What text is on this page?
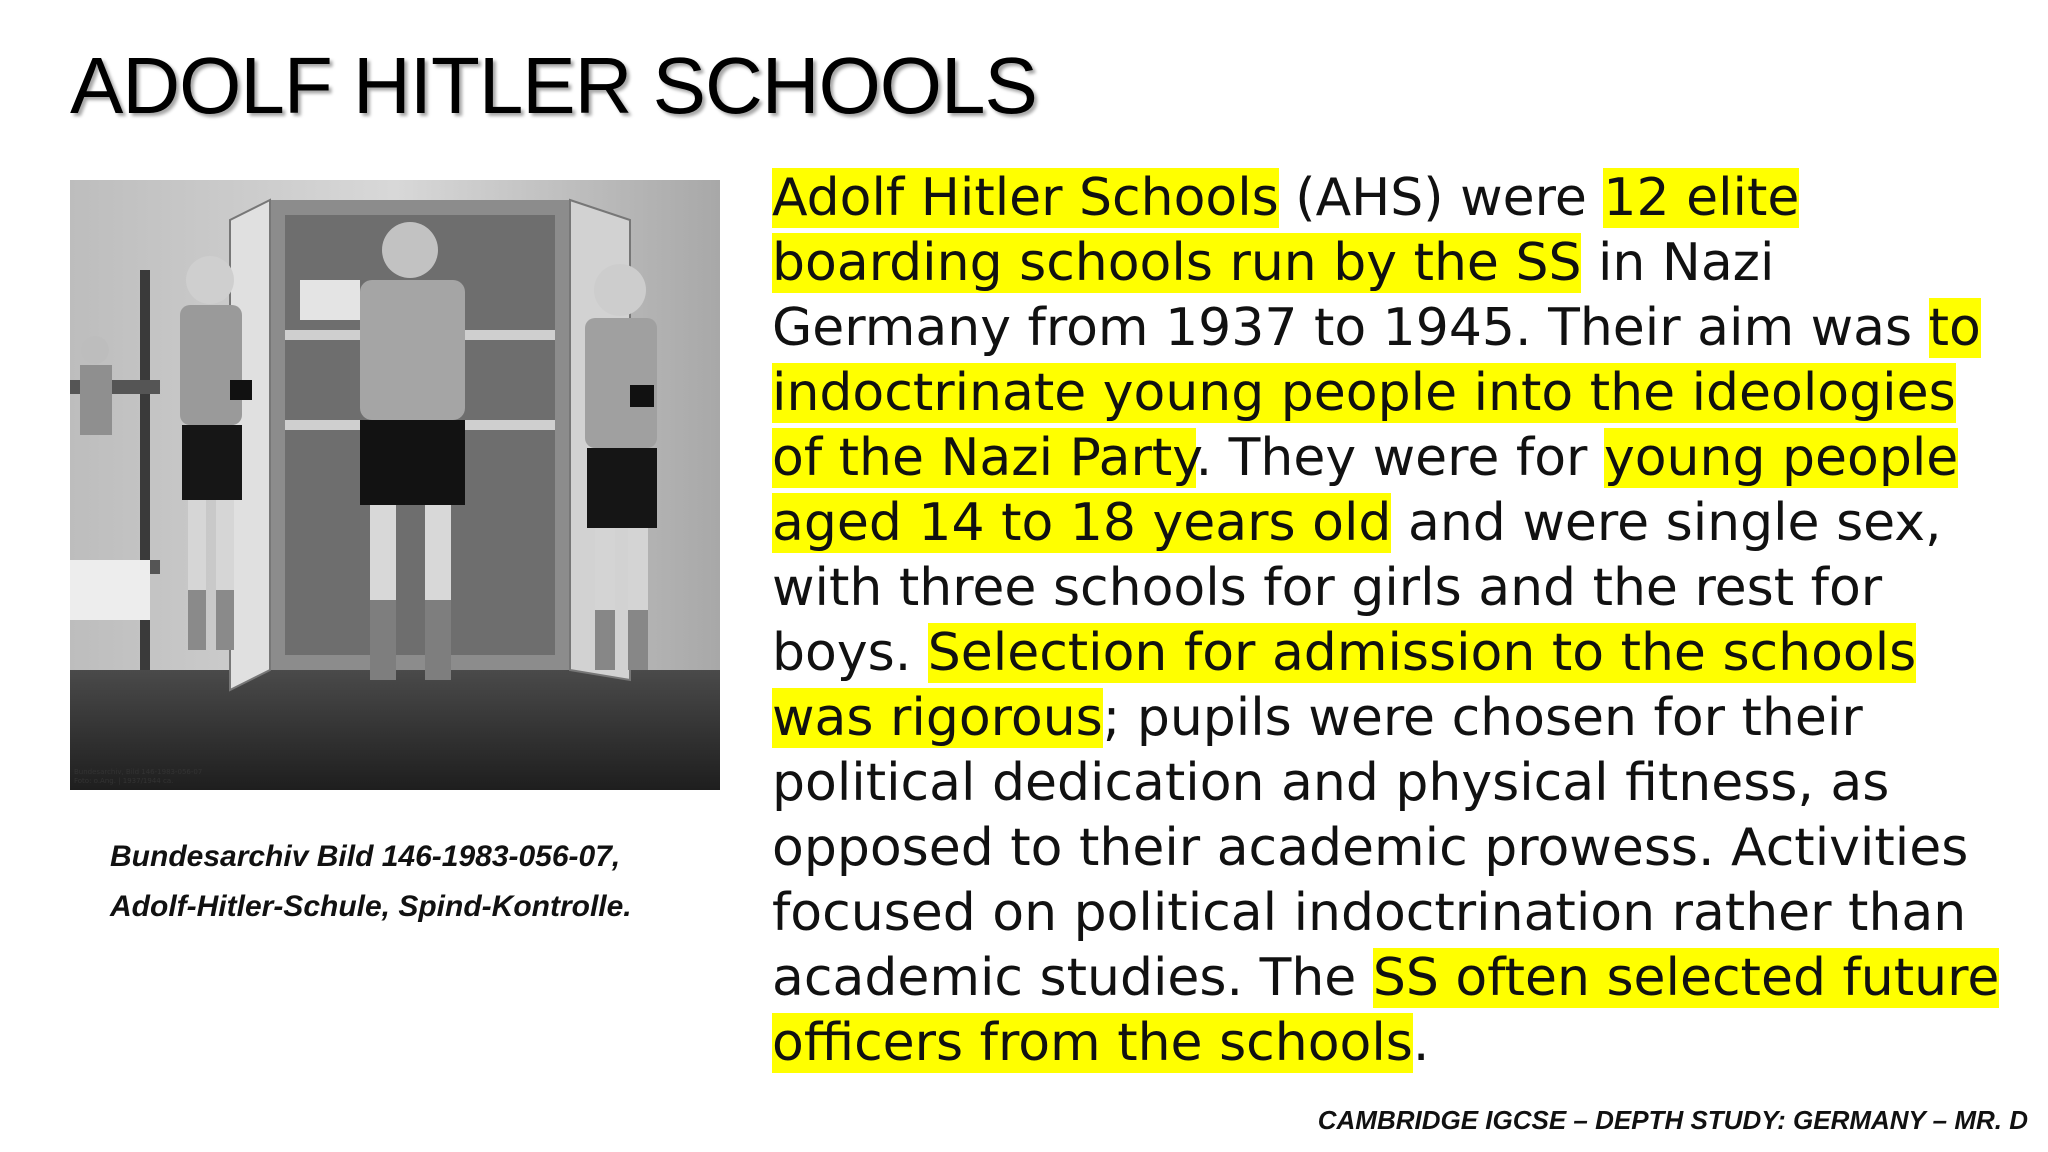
ADOLF HITLER SCHOOLS
Bundesarchiv, Bild 146-1983-056-07
Foto: o.Ang. | 1937/1944 ca.

Bundesarchiv Bild 146-1983-056-07,
Adolf-Hitler-Schule, Spind-Kontrolle.

Adolf Hitler Schools (AHS) were 12 elite
boarding schools run by the SS in Nazi
Germany from 1937 to 1945. Their aim was to
indoctrinate young people into the ideologies
of the Nazi Party. They were for young people
aged 14 to 18 years old and were single sex,
with three schools for girls and the rest for
boys. Selection for admission to the schools
was rigorous; pupils were chosen for their
political dedication and physical fitness, as
opposed to their academic prowess. Activities
focused on political indoctrination rather than
academic studies. The SS often selected future
officers from the schools.

CAMBRIDGE IGCSE – DEPTH STUDY: GERMANY – MR. D
